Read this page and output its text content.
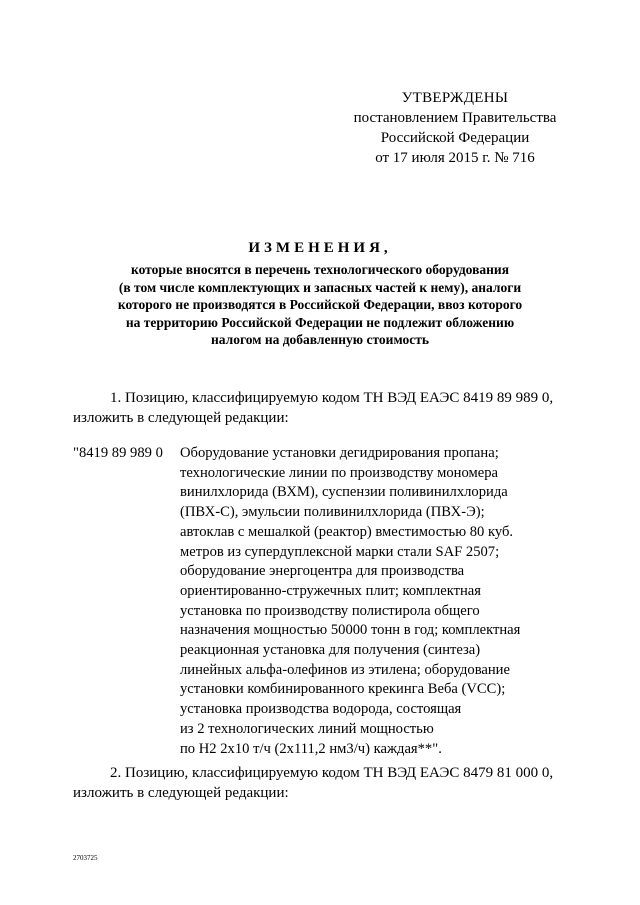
УТВЕРЖДЕНЫ
постановлением Правительства
Российской Федерации
от 17 июля 2015 г. № 716
ИЗМЕНЕНИЯ,
которые вносятся в перечень технологического оборудования
(в том числе комплектующих и запасных частей к нему), аналоги
которого не производятся в Российской Федерации, ввоз которого
на территорию Российской Федерации не подлежит обложению
налогом на добавленную стоимость
1. Позицию, классифицируемую кодом ТН ВЭД ЕАЭС 8419 89 989 0,
изложить в следующей редакции:
"8419 89 989 0 Оборудование установки дегидрирования пропана;
технологические линии по производству мономера
винилхлорида (ВХМ), суспензии поливинилхлорида
(ПВХ-С), эмульсии поливинилхлорида (ПВХ-Э);
автоклав с мешалкой (реактор) вместимостью 80 куб.
метров из супердуплексной марки стали SAF 2507;
оборудование энергоцентра для производства
ориентированно-стружечных плит; комплектная
установка по производству полистирола общего
назначения мощностью 50000 тонн в год; комплектная
реакционная установка для получения (синтеза)
линейных альфа-олефинов из этилена; оборудование
установки комбинированного крекинга Веба (VCC);
установка производства водорода, состоящая
из 2 технологических линий мощностью
по Н2 2х10 т/ч (2х111,2 нм3/ч) каждая**".
2. Позицию, классифицируемую кодом ТН ВЭД ЕАЭС 8479 81 000 0,
изложить в следующей редакции:
2703725
